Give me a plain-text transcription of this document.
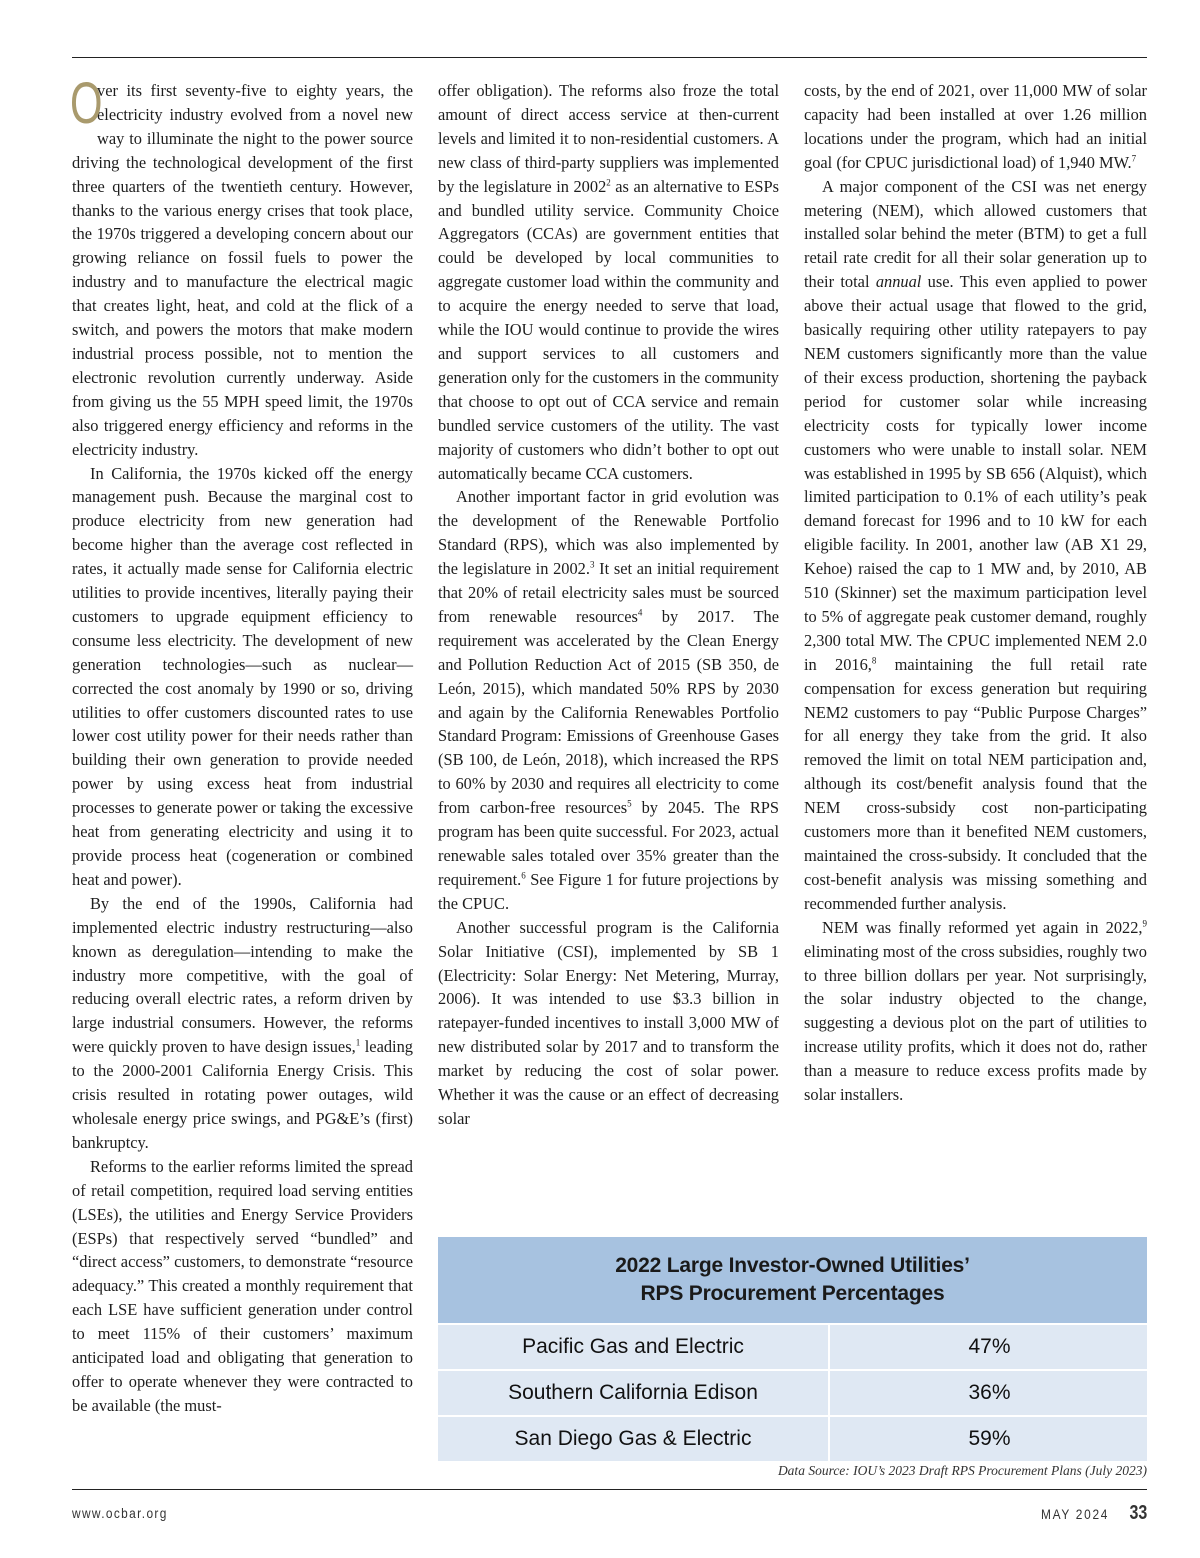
O
ver its first seventy-five to eighty years, the electricity industry evolved from a novel new way to illuminate the night to the power source driving the technological development of the first three quarters of the twentieth century. However, thanks to the various energy crises that took place, the 1970s triggered a developing concern about our growing reliance on fossil fuels to power the industry and to manufacture the electrical magic that creates light, heat, and cold at the flick of a switch, and powers the motors that make modern industrial process possible, not to mention the electronic revolution currently underway. Aside from giving us the 55 MPH speed limit, the 1970s also triggered energy efficiency and reforms in the electricity industry.

In California, the 1970s kicked off the energy management push. Because the marginal cost to produce electricity from new generation had become higher than the average cost reflected in rates, it actually made sense for California electric utilities to provide incentives, literally paying their customers to upgrade equipment efficiency to consume less electricity. The development of new generation technologies—such as nuclear—corrected the cost anomaly by 1990 or so, driving utilities to offer customers discounted rates to use lower cost utility power for their needs rather than building their own generation to provide needed power by using excess heat from industrial processes to generate power or taking the excessive heat from generating electricity and using it to provide process heat (cogeneration or combined heat and power).

By the end of the 1990s, California had implemented electric industry restructuring—also known as deregulation—intending to make the industry more competitive, with the goal of reducing overall electric rates, a reform driven by large industrial consumers. However, the reforms were quickly proven to have design issues,$^1$ leading to the 2000-2001 California Energy Crisis. This crisis resulted in rotating power outages, wild wholesale energy price swings, and PG&E’s (first) bankruptcy.

Reforms to the earlier reforms limited the spread of retail competition, required load serving entities (LSEs), the utilities and Energy Service Providers (ESPs) that respectively served “bundled” and “direct access” customers, to demonstrate “resource adequacy.” This created a monthly requirement that each LSE have sufficient generation under control to meet 115% of their customers’ maximum anticipated load and obligating that generation to offer to operate whenever they were contracted to be available (the must-

offer obligation). The reforms also froze the total amount of direct access service at then-current levels and limited it to non-residential customers. A new class of third-party suppliers was implemented by the legislature in 2002$^2$ as an alternative to ESPs and bundled utility service. Community Choice Aggregators (CCAs) are government entities that could be developed by local communities to aggregate customer load within the community and to acquire the energy needed to serve that load, while the IOU would continue to provide the wires and support services to all customers and generation only for the customers in the community that choose to opt out of CCA service and remain bundled service customers of the utility. The vast majority of customers who didn’t bother to opt out automatically became CCA customers.

Another important factor in grid evolution was the development of the Renewable Portfolio Standard (RPS), which was also implemented by the legislature in 2002.$^3$ It set an initial requirement that 20% of retail electricity sales must be sourced from renewable resources$^4$ by 2017. The requirement was accelerated by the Clean Energy and Pollution Reduction Act of 2015 (SB 350, de León, 2015), which mandated 50% RPS by 2030 and again by the California Renewables Portfolio Standard Program: Emissions of Greenhouse Gases (SB 100, de León, 2018), which increased the RPS to 60% by 2030 and requires all electricity to come from carbon-free resources$^5$ by 2045. The RPS program has been quite successful. For 2023, actual renewable sales totaled over 35% greater than the requirement.$^6$ See Figure 1 for future projections by the CPUC.

Another successful program is the California Solar Initiative (CSI), implemented by SB 1 (Electricity: Solar Energy: Net Metering, Murray, 2006). It was intended to use $3.3 billion in ratepayer-funded incentives to install 3,000 MW of new distributed solar by 2017 and to transform the market by reducing the cost of solar power. Whether it was the cause or an effect of decreasing solar

costs, by the end of 2021, over 11,000 MW of solar capacity had been installed at over 1.26 million locations under the program, which had an initial goal (for CPUC jurisdictional load) of 1,940 MW.$^7$

A major component of the CSI was net energy metering (NEM), which allowed customers that installed solar behind the meter (BTM) to get a full retail rate credit for all their solar generation up to their total annual use. This even applied to power above their actual usage that flowed to the grid, basically requiring other utility ratepayers to pay NEM customers significantly more than the value of their excess production, shortening the payback period for customer solar while increasing electricity costs for typically lower income customers who were unable to install solar. NEM was established in 1995 by SB 656 (Alquist), which limited participation to 0.1% of each utility’s peak demand forecast for 1996 and to 10 kW for each eligible facility. In 2001, another law (AB X1 29, Kehoe) raised the cap to 1 MW and, by 2010, AB 510 (Skinner) set the maximum participation level to 5% of aggregate peak customer demand, roughly 2,300 total MW. The CPUC implemented NEM 2.0 in 2016,$^8$ maintaining the full retail rate compensation for excess generation but requiring NEM2 customers to pay “Public Purpose Charges” for all energy they take from the grid. It also removed the limit on total NEM participation and, although its cost/benefit analysis found that the NEM cross-subsidy cost non-participating customers more than it benefited NEM customers, maintained the cross-subsidy. It concluded that the cost-benefit analysis was missing something and recommended further analysis.

NEM was finally reformed yet again in 2022,$^9$ eliminating most of the cross subsidies, roughly two to three billion dollars per year. Not surprisingly, the solar industry objected to the change, suggesting a devious plot on the part of utilities to increase utility profits, which it does not do, rather than a measure to reduce excess profits made by solar installers.

2022 Large Investor-Owned Utilities’
RPS Procurement Percentages
Pacific Gas and Electric	47%
Southern California Edison	36%
San Diego Gas & Electric	59%
Data Source: IOU’s 2023 Draft RPS Procurement Plans (July 2023)
www.ocbar.org	MAY 2024 33
